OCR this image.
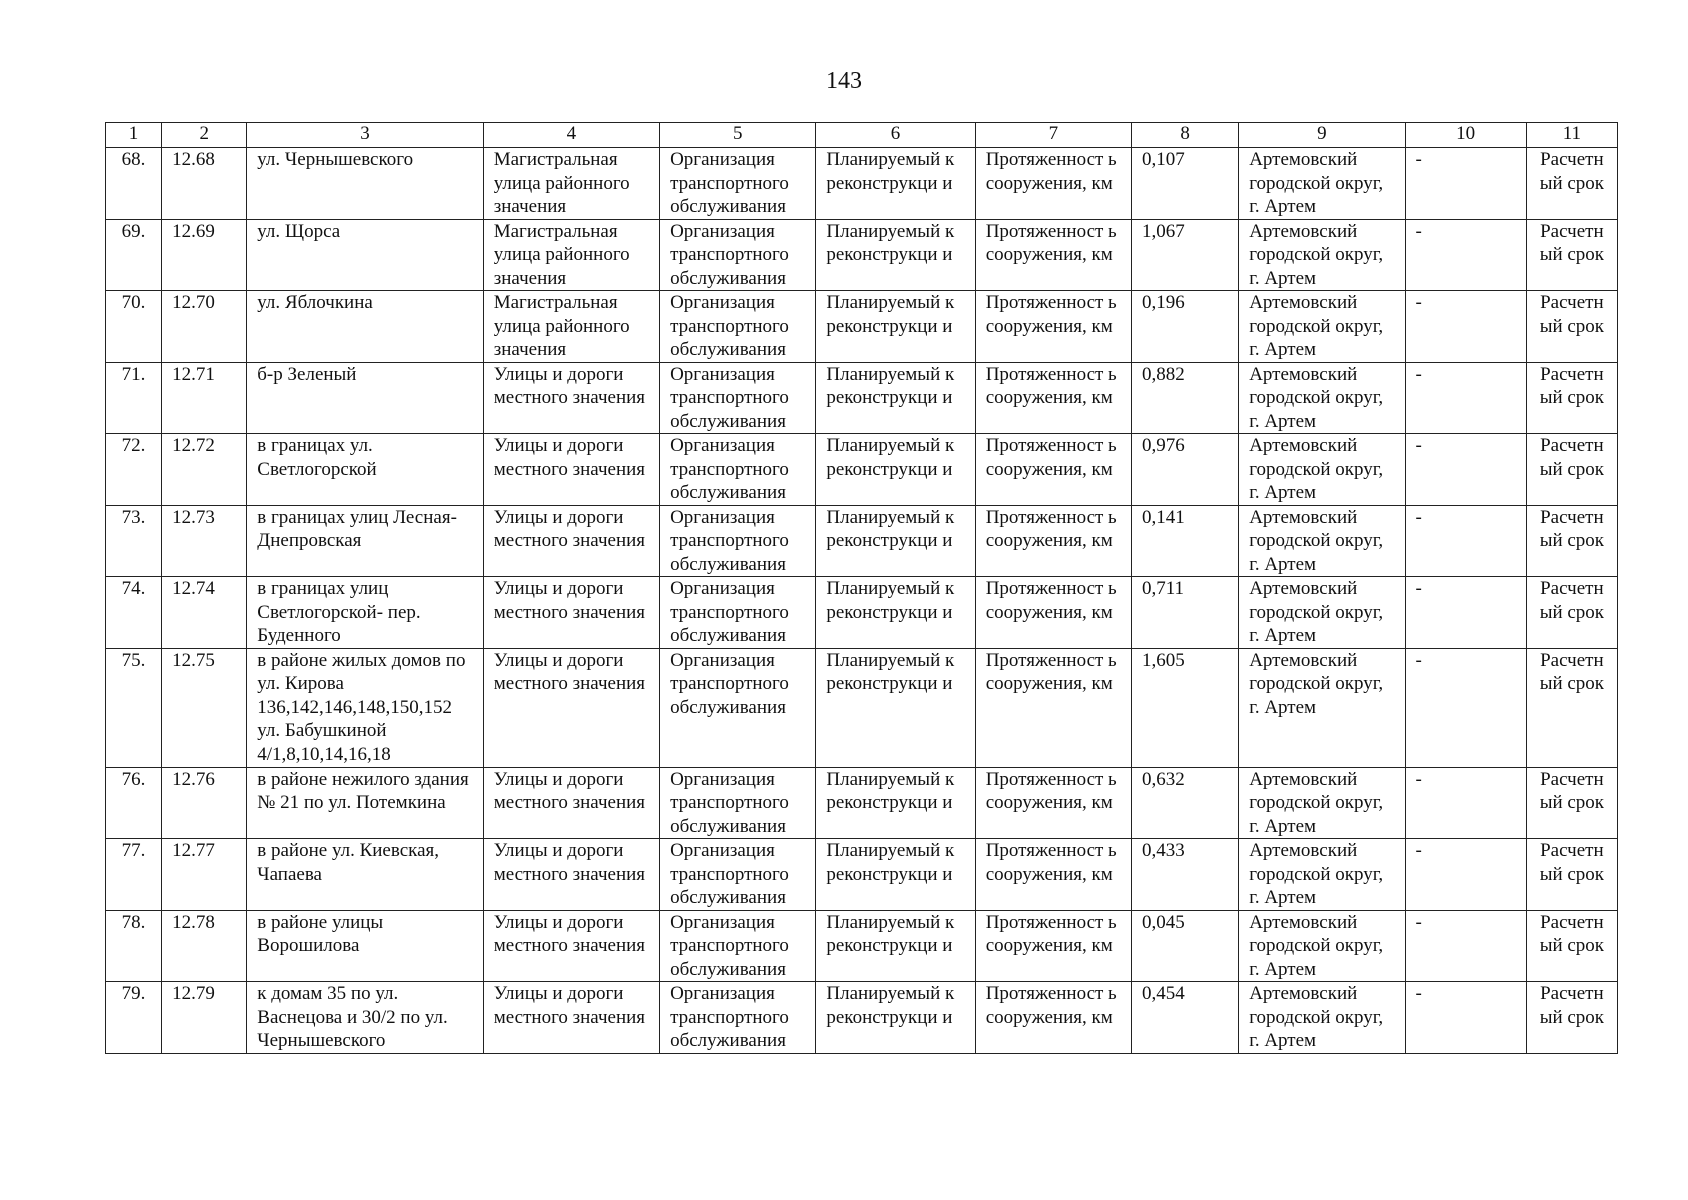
143
1	2	3	4	5	6	7	8	9	10	11
68.	12.68	ул. Чернышевского	Магистральная улица районного значения	Организация транспортного обслуживания	Планируемый к реконструкци и	Протяженност ь сооружения, км	0,107	Артемовский городской округ, г. Артем	-	Расчетн ый срок
69.	12.69	ул. Щорса	Магистральная улица районного значения	Организация транспортного обслуживания	Планируемый к реконструкци и	Протяженност ь сооружения, км	1,067	Артемовский городской округ, г. Артем	-	Расчетн ый срок
70.	12.70	ул. Яблочкина	Магистральная улица районного значения	Организация транспортного обслуживания	Планируемый к реконструкци и	Протяженност ь сооружения, км	0,196	Артемовский городской округ, г. Артем	-	Расчетн ый срок
71.	12.71	б-р Зеленый	Улицы и дороги местного значения	Организация транспортного обслуживания	Планируемый к реконструкци и	Протяженност ь сооружения, км	0,882	Артемовский городской округ, г. Артем	-	Расчетн ый срок
72.	12.72	в границах ул. Светлогорской	Улицы и дороги местного значения	Организация транспортного обслуживания	Планируемый к реконструкци и	Протяженност ь сооружения, км	0,976	Артемовский городской округ, г. Артем	-	Расчетн ый срок
73.	12.73	в границах улиц Лесная-Днепровская	Улицы и дороги местного значения	Организация транспортного обслуживания	Планируемый к реконструкци и	Протяженност ь сооружения, км	0,141	Артемовский городской округ, г. Артем	-	Расчетн ый срок
74.	12.74	в границах улиц Светлогорской- пер. Буденного	Улицы и дороги местного значения	Организация транспортного обслуживания	Планируемый к реконструкци и	Протяженност ь сооружения, км	0,711	Артемовский городской округ, г. Артем	-	Расчетн ый срок
75.	12.75	в районе жилых домов по ул. Кирова 136,142,146,148,150,152 ул. Бабушкиной 4/1,8,10,14,16,18	Улицы и дороги местного значения	Организация транспортного обслуживания	Планируемый к реконструкци и	Протяженност ь сооружения, км	1,605	Артемовский городской округ, г. Артем	-	Расчетн ый срок
76.	12.76	в районе нежилого здания № 21 по ул. Потемкина	Улицы и дороги местного значения	Организация транспортного обслуживания	Планируемый к реконструкци и	Протяженност ь сооружения, км	0,632	Артемовский городской округ, г. Артем	-	Расчетн ый срок
77.	12.77	в районе ул. Киевская, Чапаева	Улицы и дороги местного значения	Организация транспортного обслуживания	Планируемый к реконструкци и	Протяженност ь сооружения, км	0,433	Артемовский городской округ, г. Артем	-	Расчетн ый срок
78.	12.78	в районе улицы Ворошилова	Улицы и дороги местного значения	Организация транспортного обслуживания	Планируемый к реконструкци и	Протяженност ь сооружения, км	0,045	Артемовский городской округ, г. Артем	-	Расчетн ый срок
79.	12.79	к домам 35 по ул. Васнецова и 30/2 по ул. Чернышевского	Улицы и дороги местного значения	Организация транспортного обслуживания	Планируемый к реконструкци и	Протяженност ь сооружения, км	0,454	Артемовский городской округ, г. Артем	-	Расчетн ый срок
